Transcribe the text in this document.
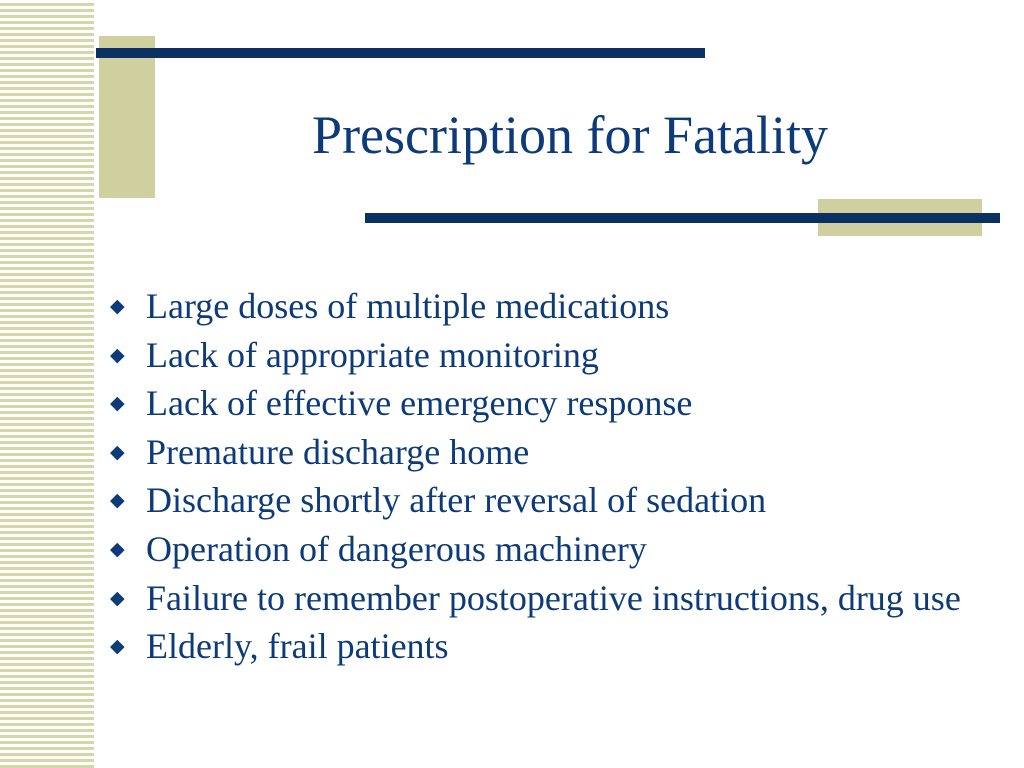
Prescription for Fatality
◆ Large doses of multiple medications
◆ Lack of appropriate monitoring
◆ Lack of effective emergency response
◆ Premature discharge home
◆ Discharge shortly after reversal of sedation
◆ Operation of dangerous machinery
◆ Failure to remember postoperative instructions, drug use
◆ Elderly, frail patients
